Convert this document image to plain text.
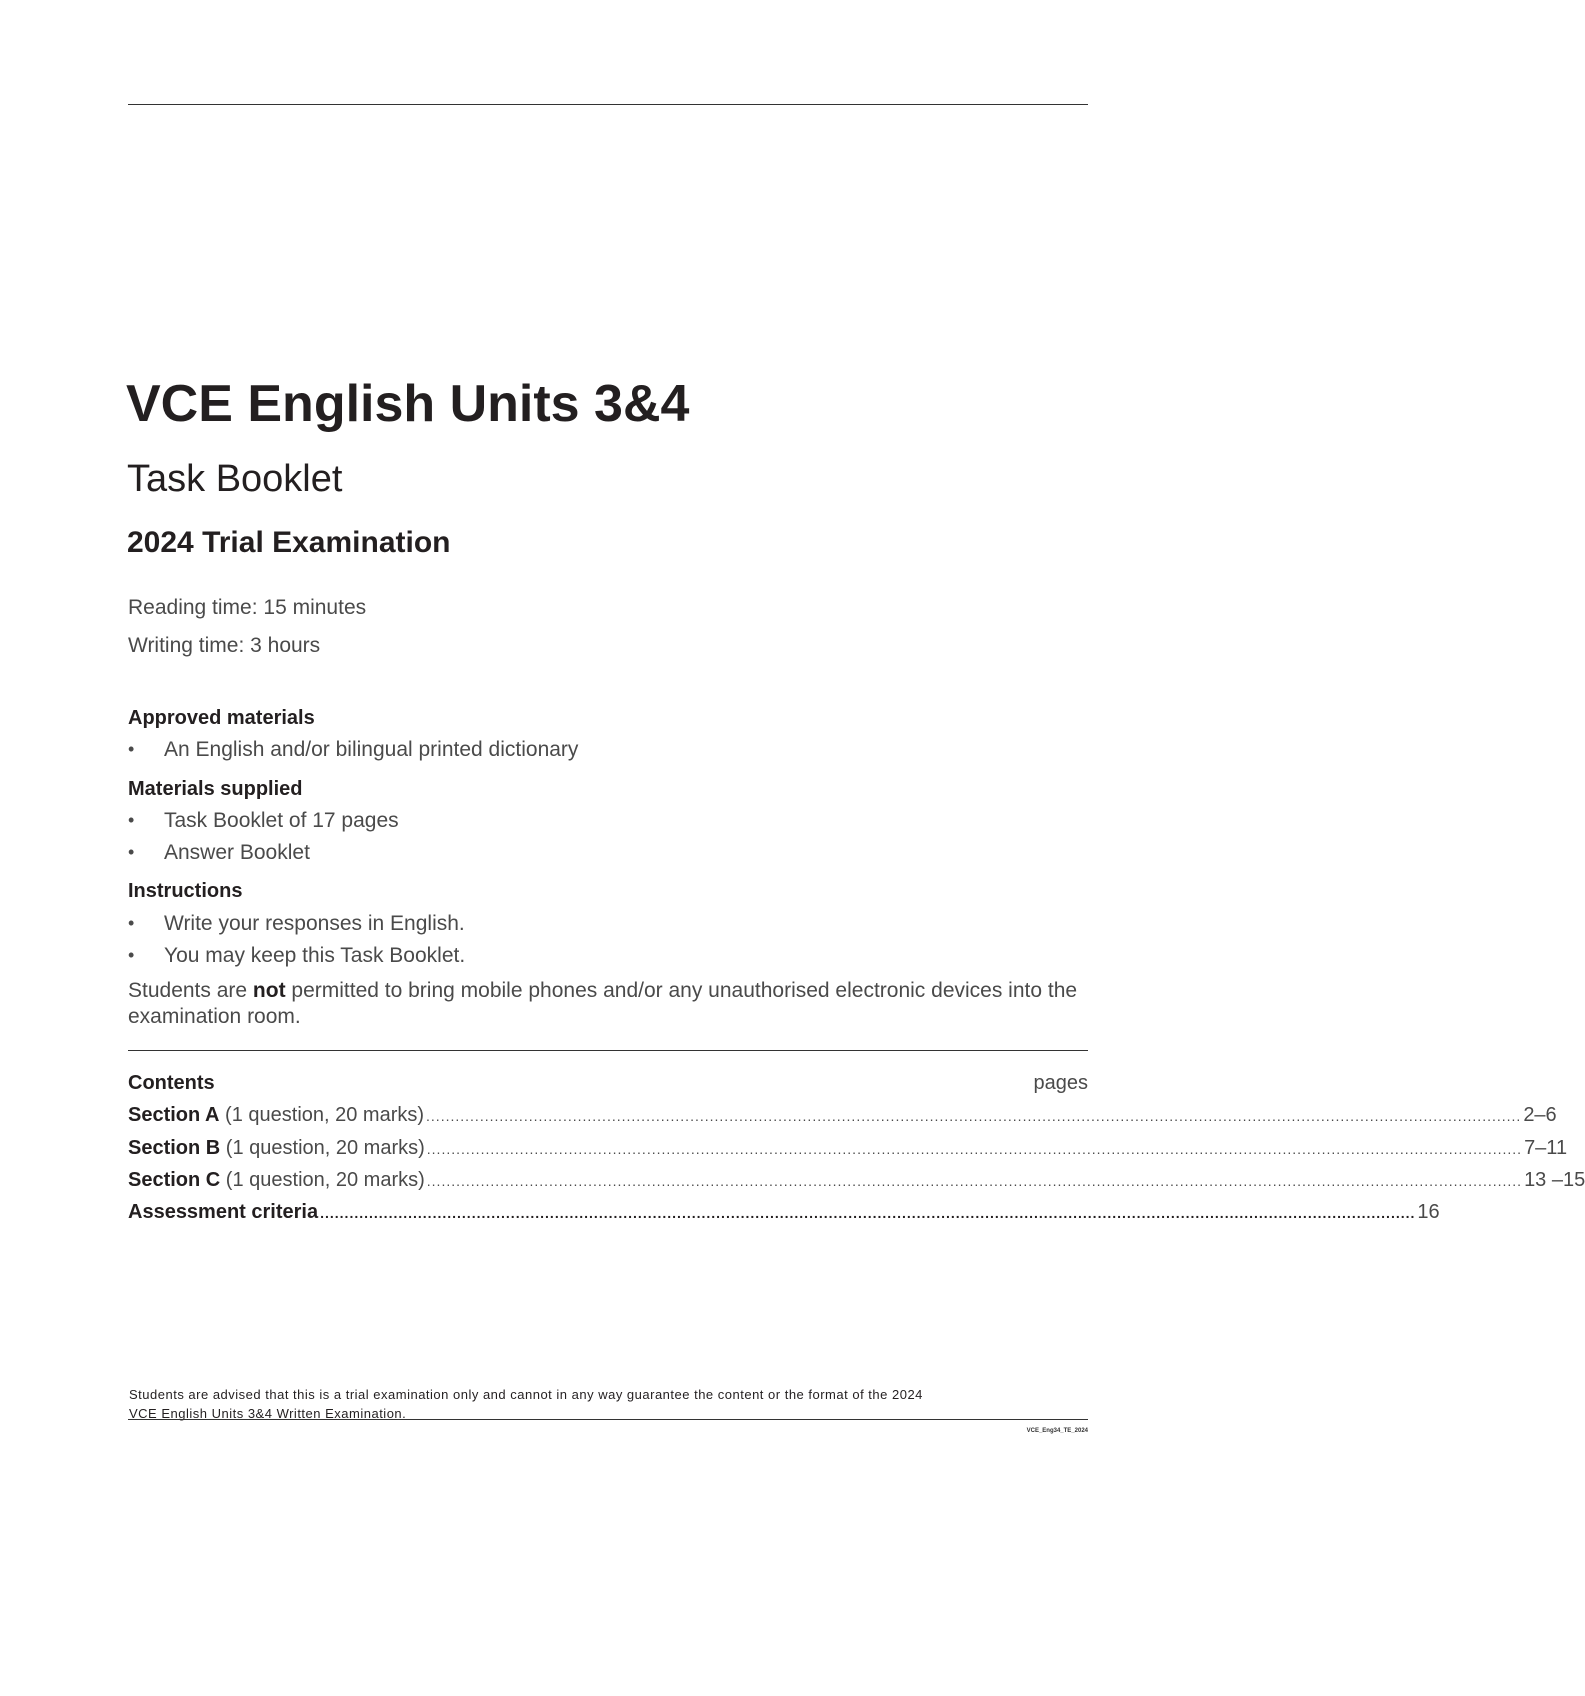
VCE English Units 3&4
Task Booklet
2024 Trial Examination
Reading time: 15 minutes
Writing time: 3 hours
Approved materials
• An English and/or bilingual printed dictionary
Materials supplied
• Task Booklet of 17 pages
• Answer Booklet
Instructions
• Write your responses in English.
• You may keep this Task Booklet.
Students are not permitted to bring mobile phones and/or any unauthorised electronic devices into the examination room.
Contents	pages
Section A (1 question, 20 marks) ................................................................................................................................................................................................................................ 2–6
Section B (1 question, 20 marks) ................................................................................................................................................................................................................................ 7–11
Section C (1 question, 20 marks) ................................................................................................................................................................................................................................ 13 –15
Assessment criteria ................................................................................................................................................................................................................................ 16
Students are advised that this is a trial examination only and cannot in any way guarantee the content or the format of the 2024
VCE English Units 3&4 Written Examination.
VCE_Eng34_TE_2024
